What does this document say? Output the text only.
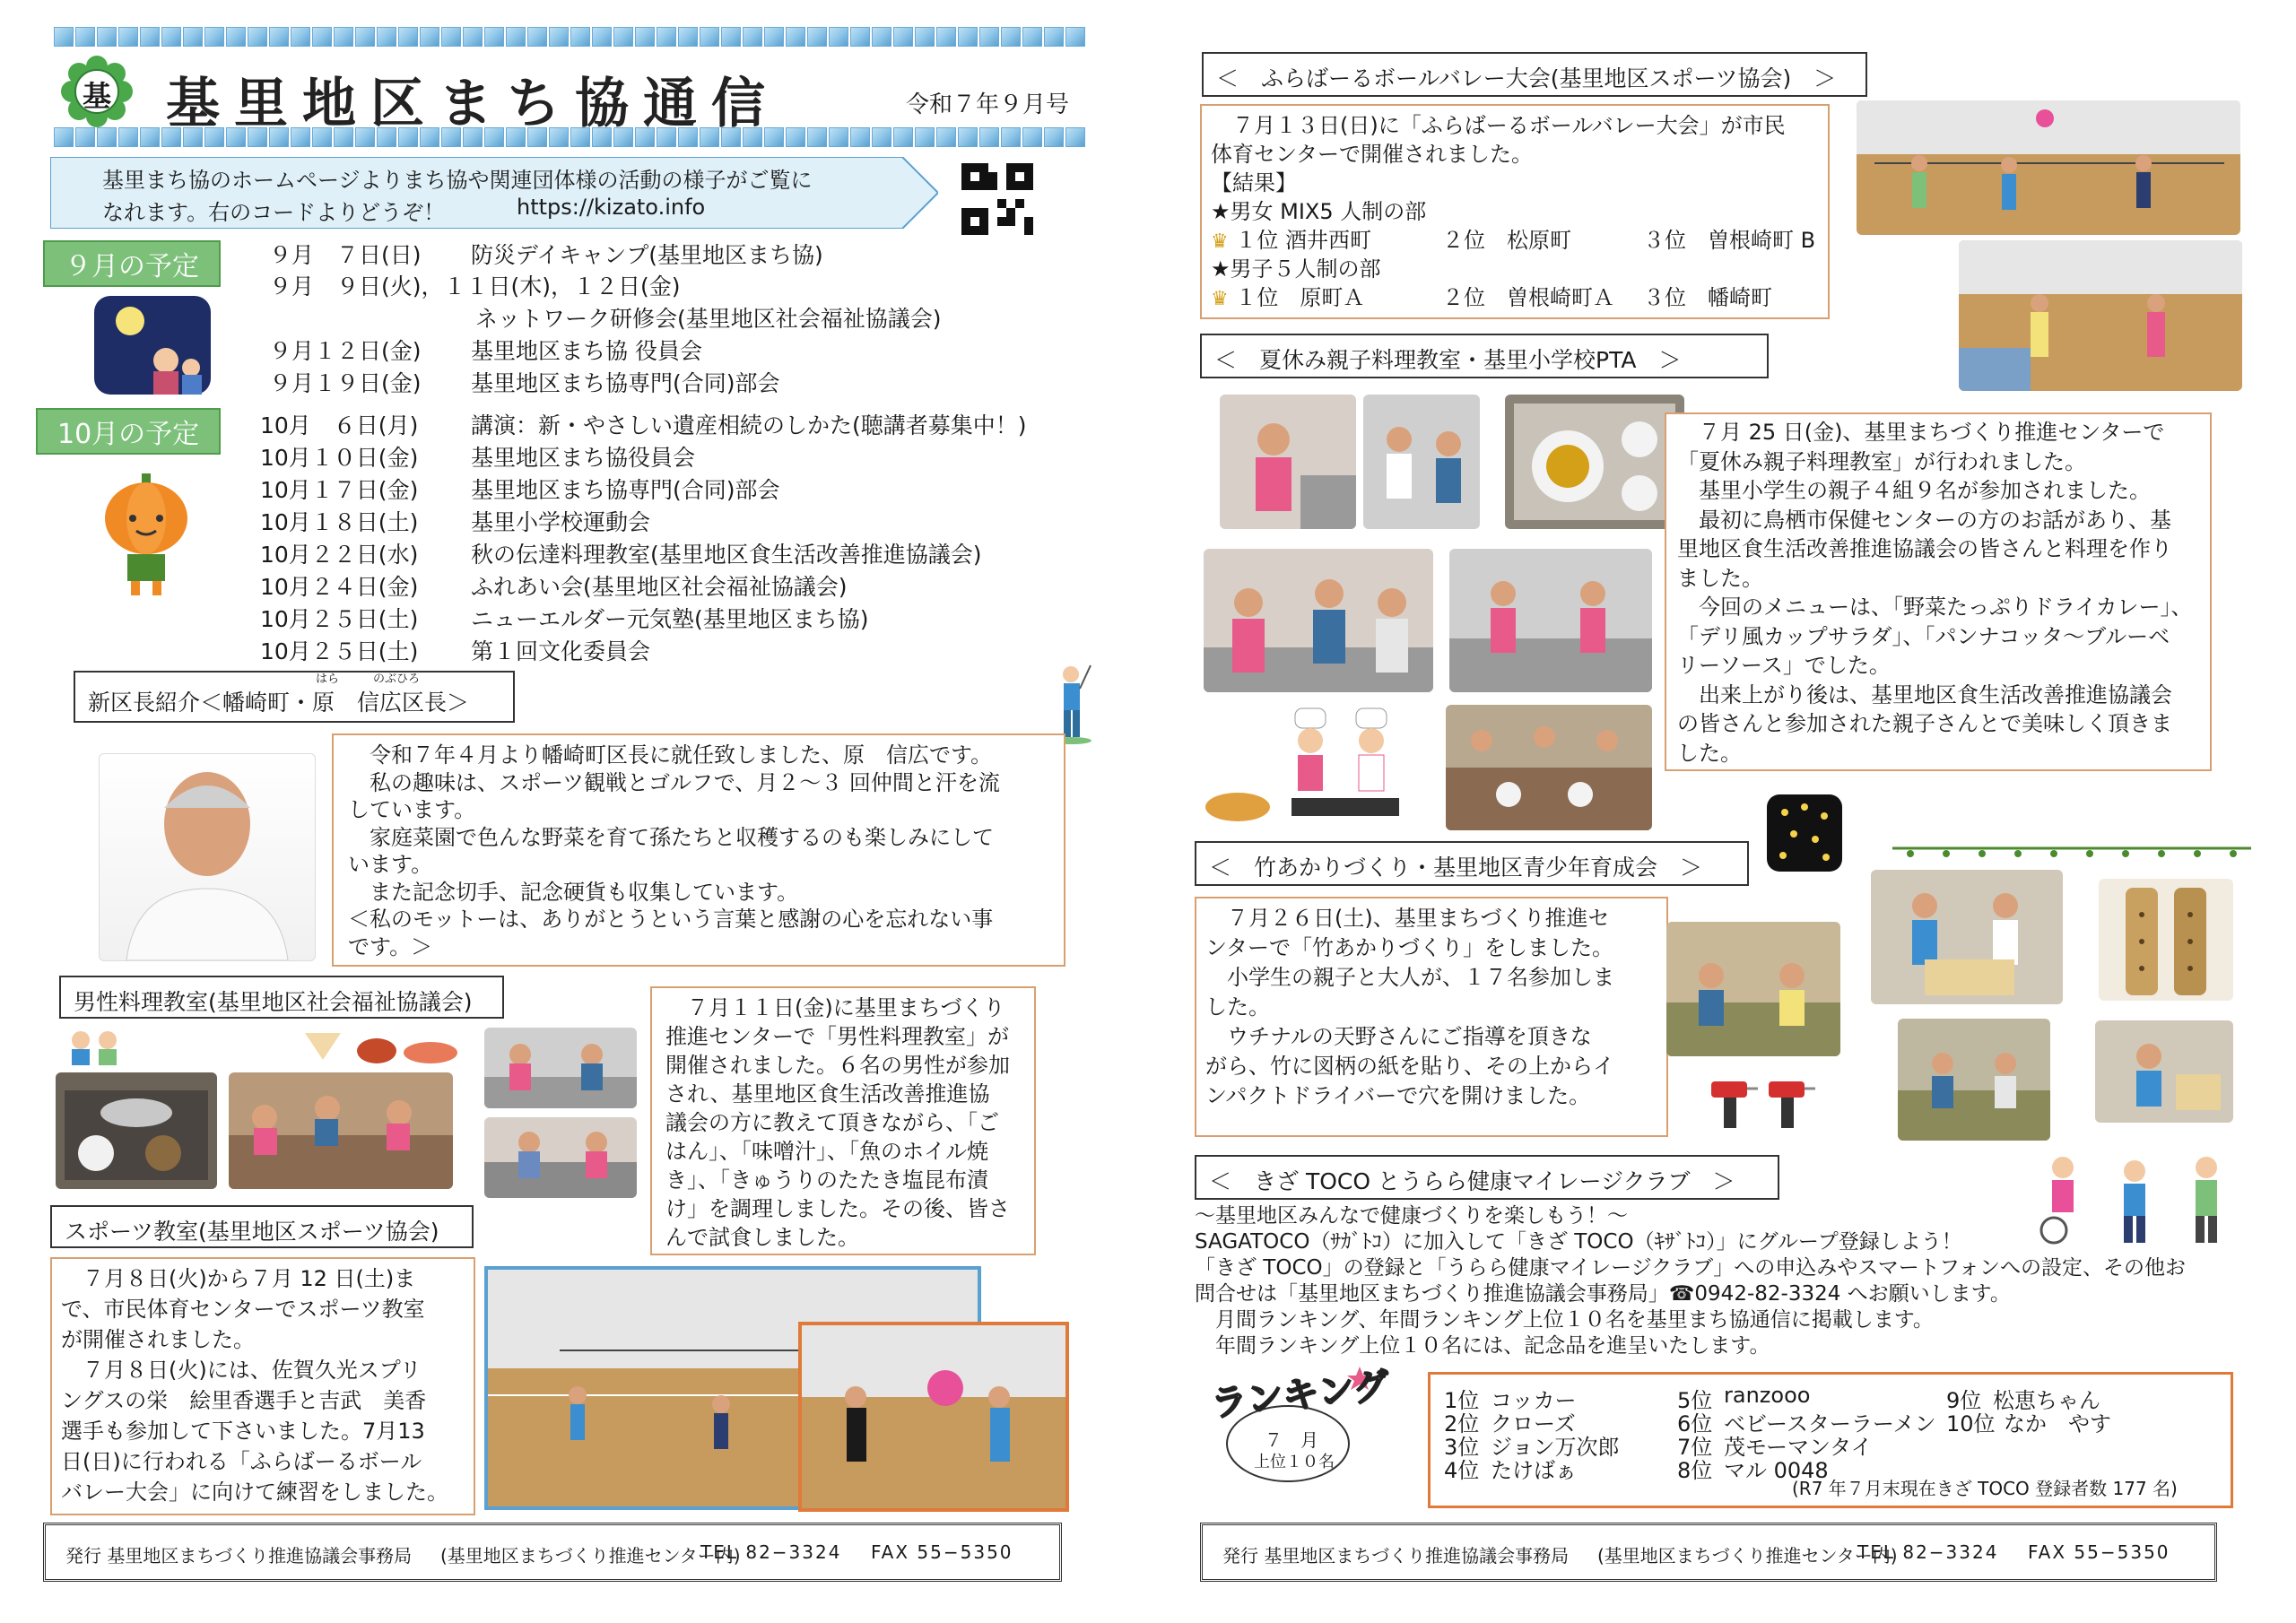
基 基里地区まち協通信	令和７年９月号
基里まち協のホームページよりまち協や関連団体様の活動の様子がご覧に
なれます。右のコードよりどうぞ！	https://kizato.info
９月の予定	９月　７日(日) 防災デイキャンプ(基里地区まち協)
９月　９日(火)，１１日(木)，１２日(金)
ネットワーク研修会(基里地区社会福祉協議会)
９月１２日(金) 基里地区まち協 役員会
９月１９日(金) 基里地区まち協専門(合同)部会
10月の予定	10月　６日(月) 講演：新・やさしい遺産相続のしかた(聴講者募集中！)
10月１０日(金) 基里地区まち協役員会
10月１７日(金) 基里地区まち協専門(合同)部会
10月１８日(土) 基里小学校運動会
10月２２日(水) 秋の伝達料理教室(基里地区食生活改善推進協議会)
10月２４日(金) ふれあい会(基里地区社会福祉協議会)
10月２５日(土) ニューエルダー元気塾(基里地区まち協)
10月２５日(土) 第１回文化委員会
新区長紹介＜幡崎町・原　信広区長＞
はら	のぶひろ
　令和７年４月より幡崎町区長に就任致しました、原　信広です。
　私の趣味は、スポーツ観戦とゴルフで、月２～３ 回仲間と汗を流
しています。
　家庭菜園で色んな野菜を育て孫たちと収穫するのも楽しみにして
います。
　また記念切手、記念硬貨も収集しています。
＜私のモットーは、ありがとうという言葉と感謝の心を忘れない事
です。＞
男性料理教室(基里地区社会福祉協議会)	　７月１１日(金)に基里まちづくり
推進センターで「男性料理教室」が
開催されました。６名の男性が参加
され、基里地区食生活改善推進協
議会の方に教えて頂きながら、「ご
はん」、「味噌汁」、「魚のホイル焼
き」、「きゅうりのたたき塩昆布漬
け」を調理しました。その後、皆さ
んで試食しました。
スポーツ教室(基里地区スポーツ協会)
　７月８日(火)から７月 12 日(土)ま
で、市民体育センターでスポーツ教室
が開催されました。
　７月８日(火)には、佐賀久光スプリ
ングスの栄　絵里香選手と吉武　美香
選手も参加して下さいました。7月13
日(日)に行われる「ふらばーるボール
バレー大会」に向けて練習をしました。
発行 基里地区まちづくり推進協議会事務局 (基里地区まちづくり推進センター内)
TEL 82−3324 FAX 55−5350
＜　ふらばーるボールバレー大会(基里地区スポーツ協会)　＞
　７月１３日(日)に「ふらばーるボールバレー大会」が市民
体育センターで開催されました。
【結果】
★男女 MIX5 人制の部
♛ １位 酒井西町	２位　松原町	３位　曽根崎町 B
★男子５人制の部
♛ １位　原町Ａ	２位　曽根崎町Ａ ３位　幡崎町
＜　夏休み親子料理教室・基里小学校PTA　＞
　７月 25 日(金)、基里まちづくり推進センターで
「夏休み親子料理教室」が行われました。
　基里小学生の親子４組９名が参加されました。
　最初に鳥栖市保健センターの方のお話があり、基
里地区食生活改善推進協議会の皆さんと料理を作り
ました。
　今回のメニューは、「野菜たっぷりドライカレー」、
「デリ風カップサラダ」、「パンナコッタ～ブルーベ
リーソース」でした。
　出来上がり後は、基里地区食生活改善推進協議会
の皆さんと参加された親子さんとで美味しく頂きま
した。
＜　竹あかりづくり・基里地区青少年育成会　＞
　７月２６日(土)、基里まちづくり推進セ
ンターで「竹あかりづくり」をしました。
　小学生の親子と大人が、１７名参加しま
した。
　ウチナルの天野さんにご指導を頂きな
がら、竹に図柄の紙を貼り、その上からイ
ンパクトドライバーで穴を開けました。
＜　きざ TOCO とうらら健康マイレージクラブ　＞
～基里地区みんなで健康づくりを楽しもう！～
SAGATOCO（ｻｶﾞﾄｺ）に加入して「きざ TOCO（ｷｻﾞﾄｺ）」にグループ登録しよう！
「きざ TOCO」の登録と「うらら健康マイレージクラブ」への申込みやスマートフォンへの設定、その他お
問合せは「基里地区まちづくり推進協議会事務局」☎0942-82-3324 へお願いします。
　月間ランキング、年間ランキング上位１０名を基里まち協通信に掲載します。
　年間ランキング上位１０名には、記念品を進呈いたします。
ランキング
７　月
上位１０名
1位 コッカー
2位 クローズ
3位 ジョン万次郎
4位 たけばぁ
5位 ranzooo
6位 ベビースターラーメン
7位 茂モーマンタイ
8位 マル 0048
9位 松恵ちゃん
10位 なか　やす
(R7 年７月末現在きざ TOCO 登録者数 177 名)
発行 基里地区まちづくり推進協議会事務局 (基里地区まちづくり推進センター内)
TEL 82−3324 FAX 55−5350
